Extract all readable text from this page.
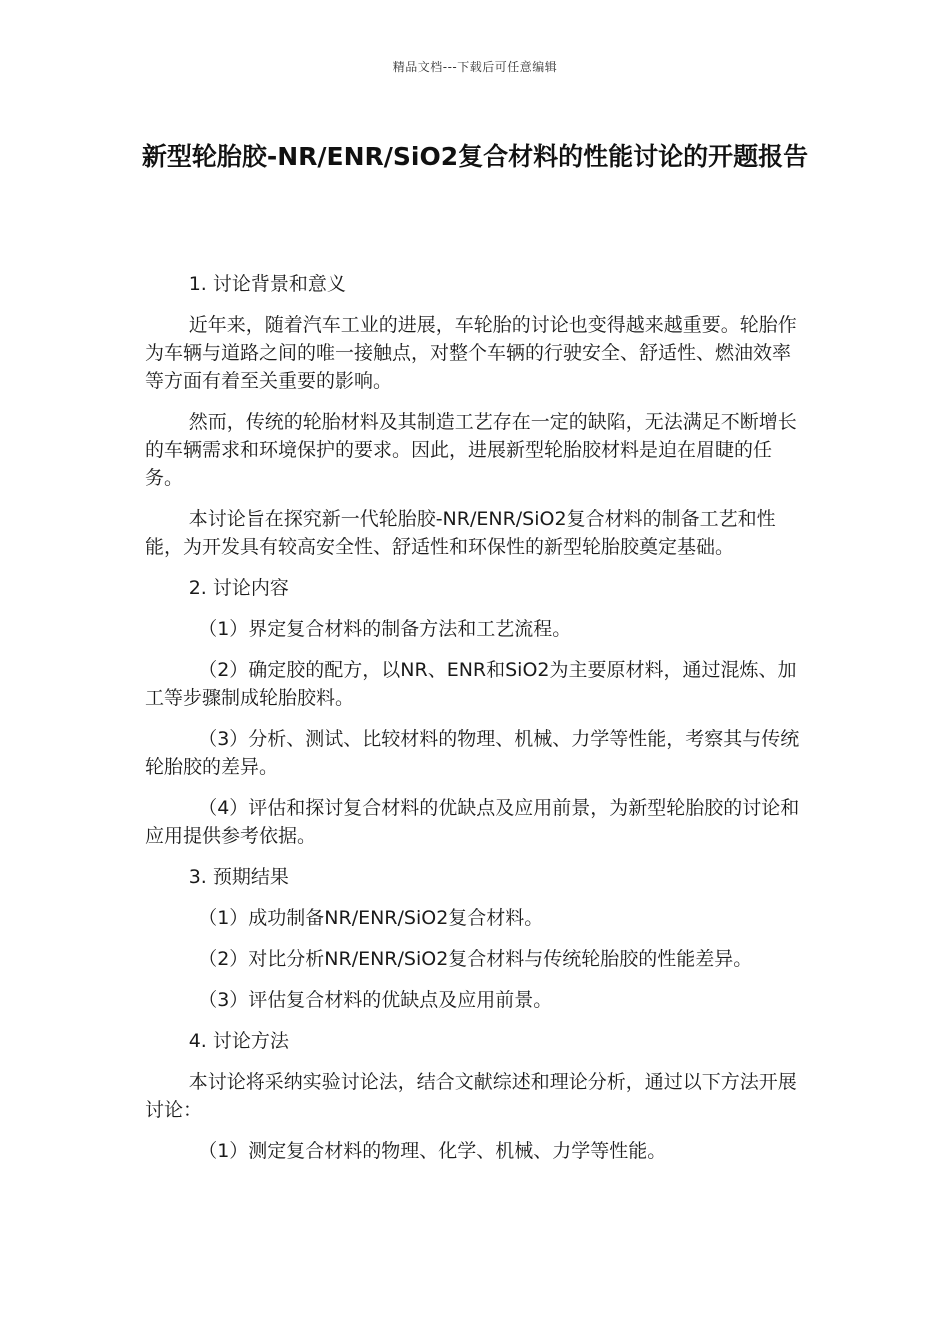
精品文档---下载后可任意编辑
新型轮胎胶-NR/ENR/SiO2复合材料的性能讨论的开题报告

1. 讨论背景和意义

近年来，随着汽车工业的进展，车轮胎的讨论也变得越来越重要。轮胎作为车辆与道路之间的唯一接触点，对整个车辆的行驶安全、舒适性、燃油效率等方面有着至关重要的影响。

然而，传统的轮胎材料及其制造工艺存在一定的缺陷，无法满足不断增长的车辆需求和环境保护的要求。因此，进展新型轮胎胶材料是迫在眉睫的任务。

本讨论旨在探究新一代轮胎胶-NR/ENR/SiO2复合材料的制备工艺和性能，为开发具有较高安全性、舒适性和环保性的新型轮胎胶奠定基础。

2. 讨论内容

（1）界定复合材料的制备方法和工艺流程。

（2）确定胶的配方，以NR、ENR和SiO2为主要原材料，通过混炼、加工等步骤制成轮胎胶料。

（3）分析、测试、比较材料的物理、机械、力学等性能，考察其与传统轮胎胶的差异。

（4）评估和探讨复合材料的优缺点及应用前景，为新型轮胎胶的讨论和应用提供参考依据。

3. 预期结果

（1）成功制备NR/ENR/SiO2复合材料。

（2）对比分析NR/ENR/SiO2复合材料与传统轮胎胶的性能差异。

（3）评估复合材料的优缺点及应用前景。

4. 讨论方法

本讨论将采纳实验讨论法，结合文献综述和理论分析，通过以下方法开展讨论：

（1）测定复合材料的物理、化学、机械、力学等性能。
